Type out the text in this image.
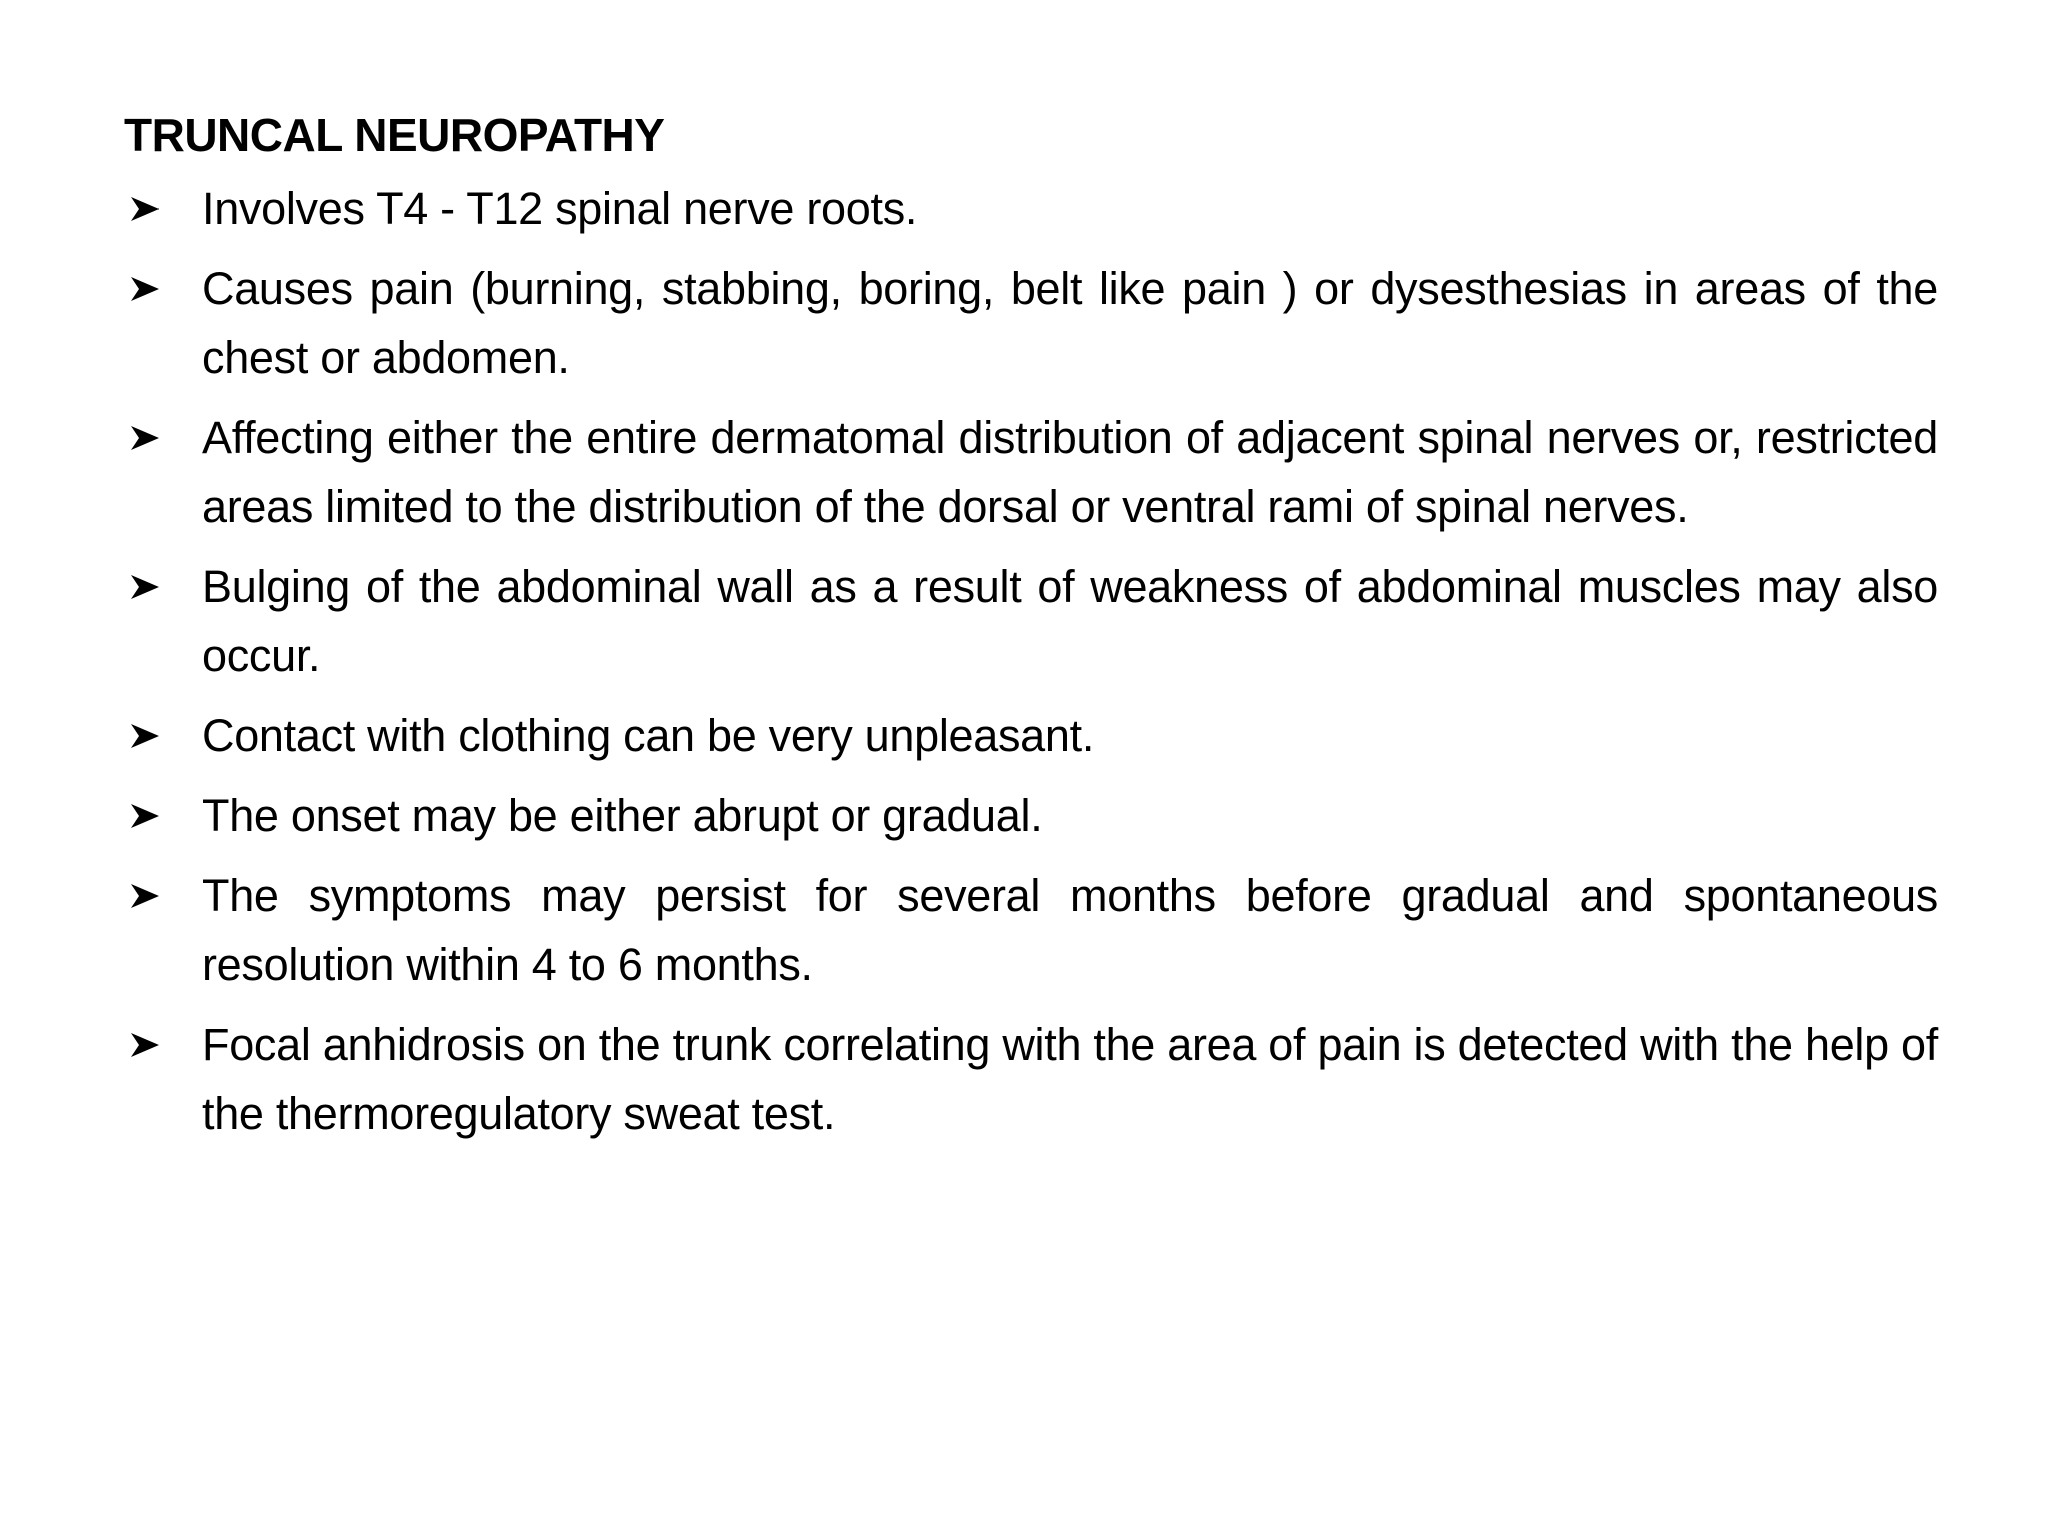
TRUNCAL NEUROPATHY
Involves T4 - T12 spinal nerve roots.
Causes pain (burning, stabbing, boring, belt like pain ) or dysesthesias in areas of the chest or abdomen.
Affecting either the entire dermatomal distribution of adjacent spinal nerves or, restricted areas limited to the distribution of the dorsal or ventral rami of spinal nerves.
Bulging of the abdominal wall as a result of weakness of abdominal muscles may also occur.
Contact with clothing can be very unpleasant.
The onset may be either abrupt or gradual.
The symptoms may persist for several months before gradual and spontaneous resolution within 4 to 6 months.
Focal anhidrosis on the trunk correlating with the area of pain is detected with the help of the thermoregulatory sweat test.
